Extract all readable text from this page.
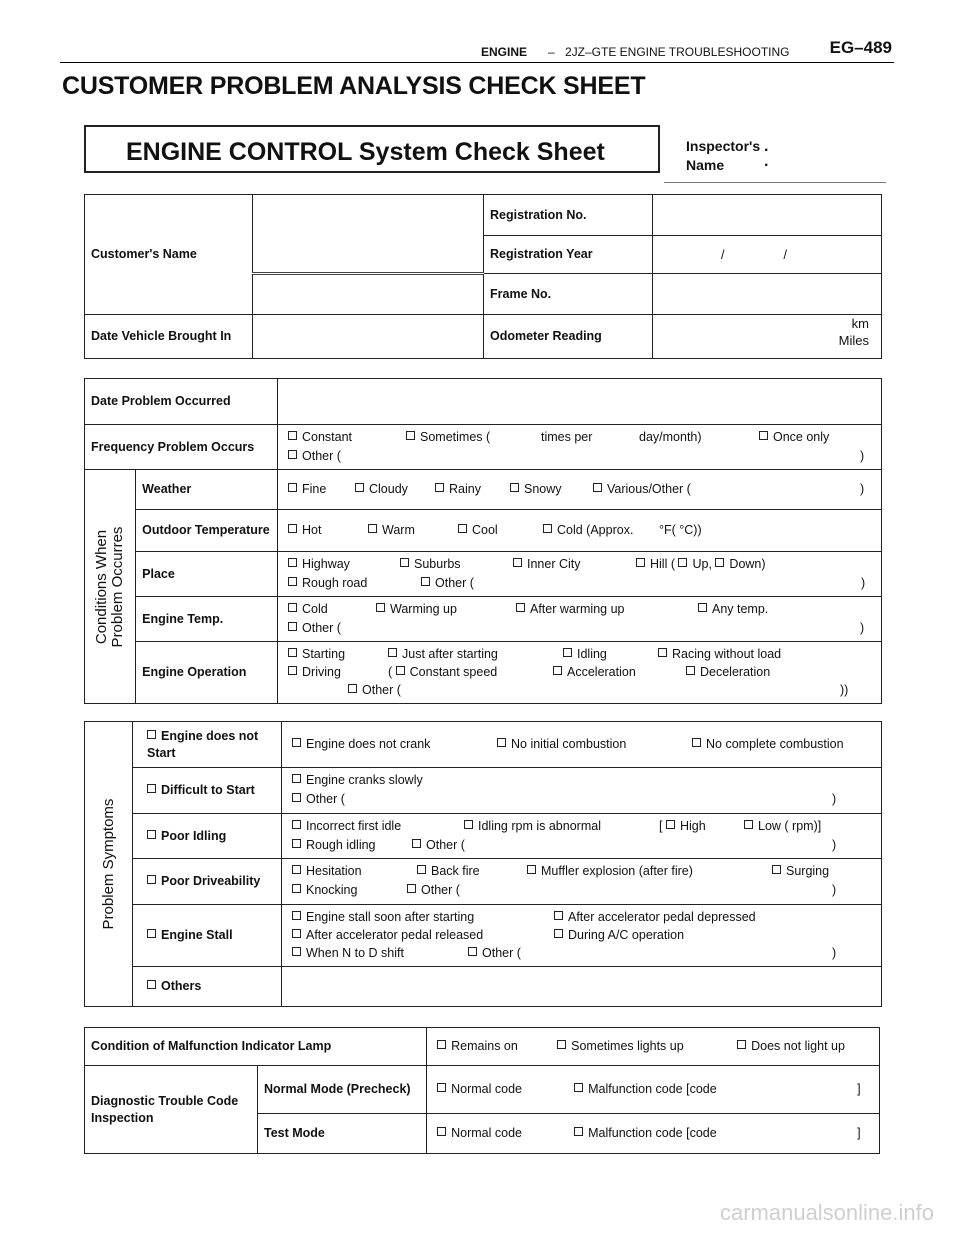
ENGINE – 2JZ–GTE ENGINE TROUBLESHOOTING EG–489
CUSTOMER PROBLEM ANALYSIS CHECK SHEET
ENGINE CONTROL System Check Sheet	Inspector's .
Name ·
Customer's Name		Registration No.	
		Registration Year	/                 /
		Frame No.	
Date Vehicle Brought In		Odometer Reading	km
Miles
Date Problem Occurred		
Frequency Problem Occurs		Constant Sometimes ( times per day/month) Once only
Other ( )

Conditions When
Problem Occurres	Weather	Fine Cloudy Rainy Snowy Various/Other ( )
	Outdoor Temperature	Hot Warm Cool Cold (Approx. °F( °C))
	Place	Highway Suburbs Inner City Hill ( Up, Down)
Rough road Other ( )

	Engine Temp.	Cold Warming up After warming up Any temp.
Other ( )

	Engine Operation	Starting Just after starting Idling Racing without load
Driving ( Constant speed Acceleration Deceleration
Other ( ))
Problem Symptoms	Engine does not Start	Engine does not crank No initial combustion No complete combustion
	Difficult to Start	Engine cranks slowly
Other ( )

	Poor Idling	Incorrect first idle Idling rpm is abnormal [ High Low ( rpm)]
Rough idling Other ( )

	Poor Driveability	Hesitation Back fire Muffler explosion (after fire) Surging
Knocking Other ( )

	Engine Stall	Engine stall soon after starting After accelerator pedal depressed
After accelerator pedal released During A/C operation
When N to D shift Other ( )

	Others	
Condition of Malfunction Indicator Lamp		Remains on Sometimes lights up Does not light up
Diagnostic Trouble Code Inspection	Normal Mode (Precheck)	Normal code Malfunction code [code ]
	Test Mode	Normal code Malfunction code [code ]
carmanualsonline.info
